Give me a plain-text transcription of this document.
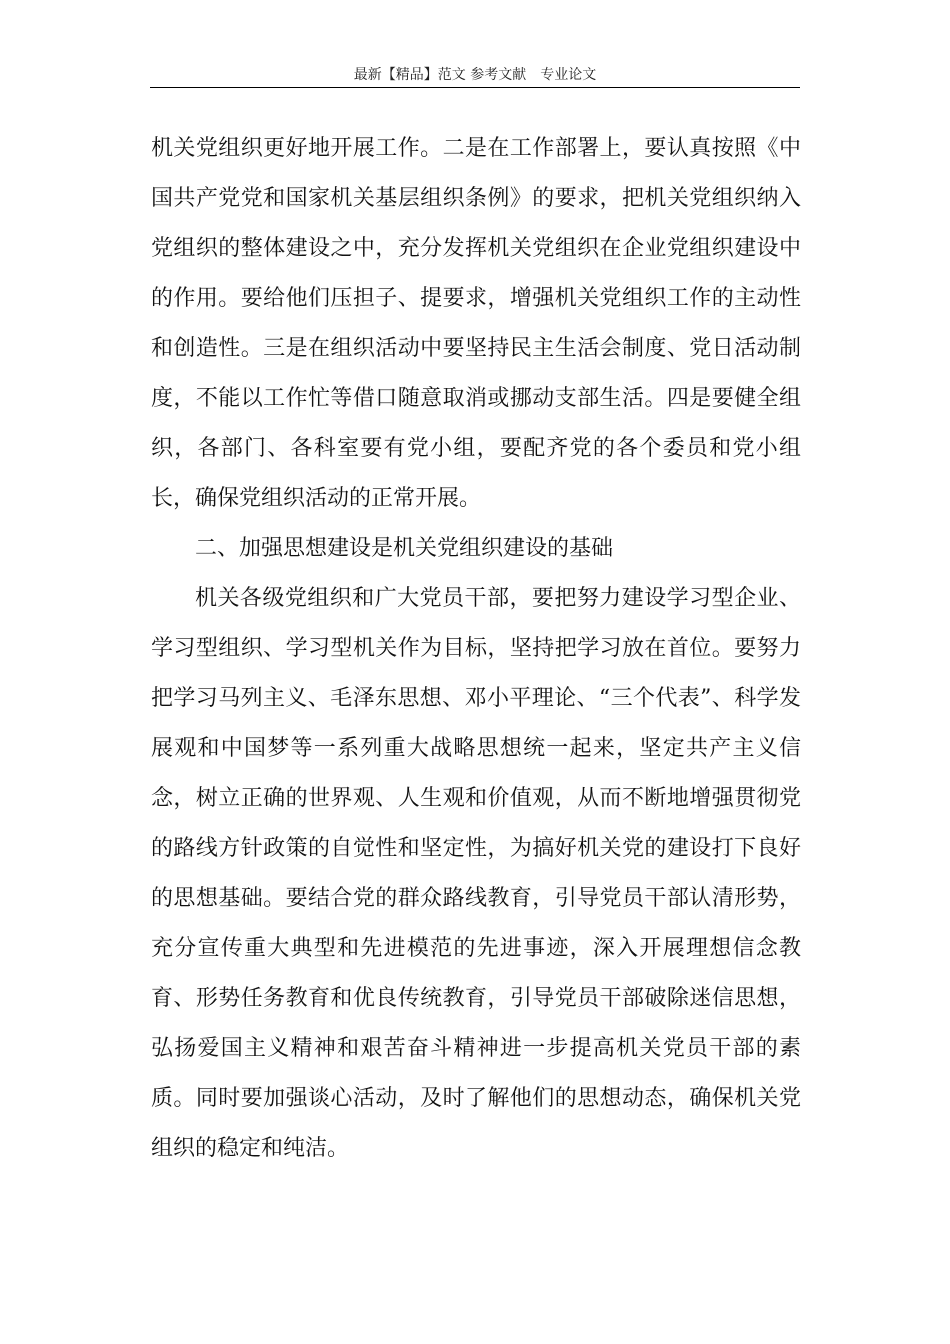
最新【精品】范文 参考文献　专业论文
机关党组织更好地开展工作。二是在工作部署上，要认真按照《中
国共产党党和国家机关基层组织条例》的要求，把机关党组织纳入
党组织的整体建设之中，充分发挥机关党组织在企业党组织建设中
的作用。要给他们压担子、提要求，增强机关党组织工作的主动性
和创造性。三是在组织活动中要坚持民主生活会制度、党日活动制
度，不能以工作忙等借口随意取消或挪动支部生活。四是要健全组
织，各部门、各科室要有党小组，要配齐党的各个委员和党小组
长，确保党组织活动的正常开展。
二、加强思想建设是机关党组织建设的基础
机关各级党组织和广大党员干部，要把努力建设学习型企业、
学习型组织、学习型机关作为目标，坚持把学习放在首位。要努力
把学习马列主义、毛泽东思想、邓小平理论、“三个代表”、科学发
展观和中国梦等一系列重大战略思想统一起来，坚定共产主义信
念，树立正确的世界观、人生观和价值观，从而不断地增强贯彻党
的路线方针政策的自觉性和坚定性，为搞好机关党的建设打下良好
的思想基础。要结合党的群众路线教育，引导党员干部认清形势，
充分宣传重大典型和先进模范的先进事迹，深入开展理想信念教
育、形势任务教育和优良传统教育，引导党员干部破除迷信思想，
弘扬爱国主义精神和艰苦奋斗精神进一步提高机关党员干部的素
质。同时要加强谈心活动，及时了解他们的思想动态，确保机关党
组织的稳定和纯洁。
